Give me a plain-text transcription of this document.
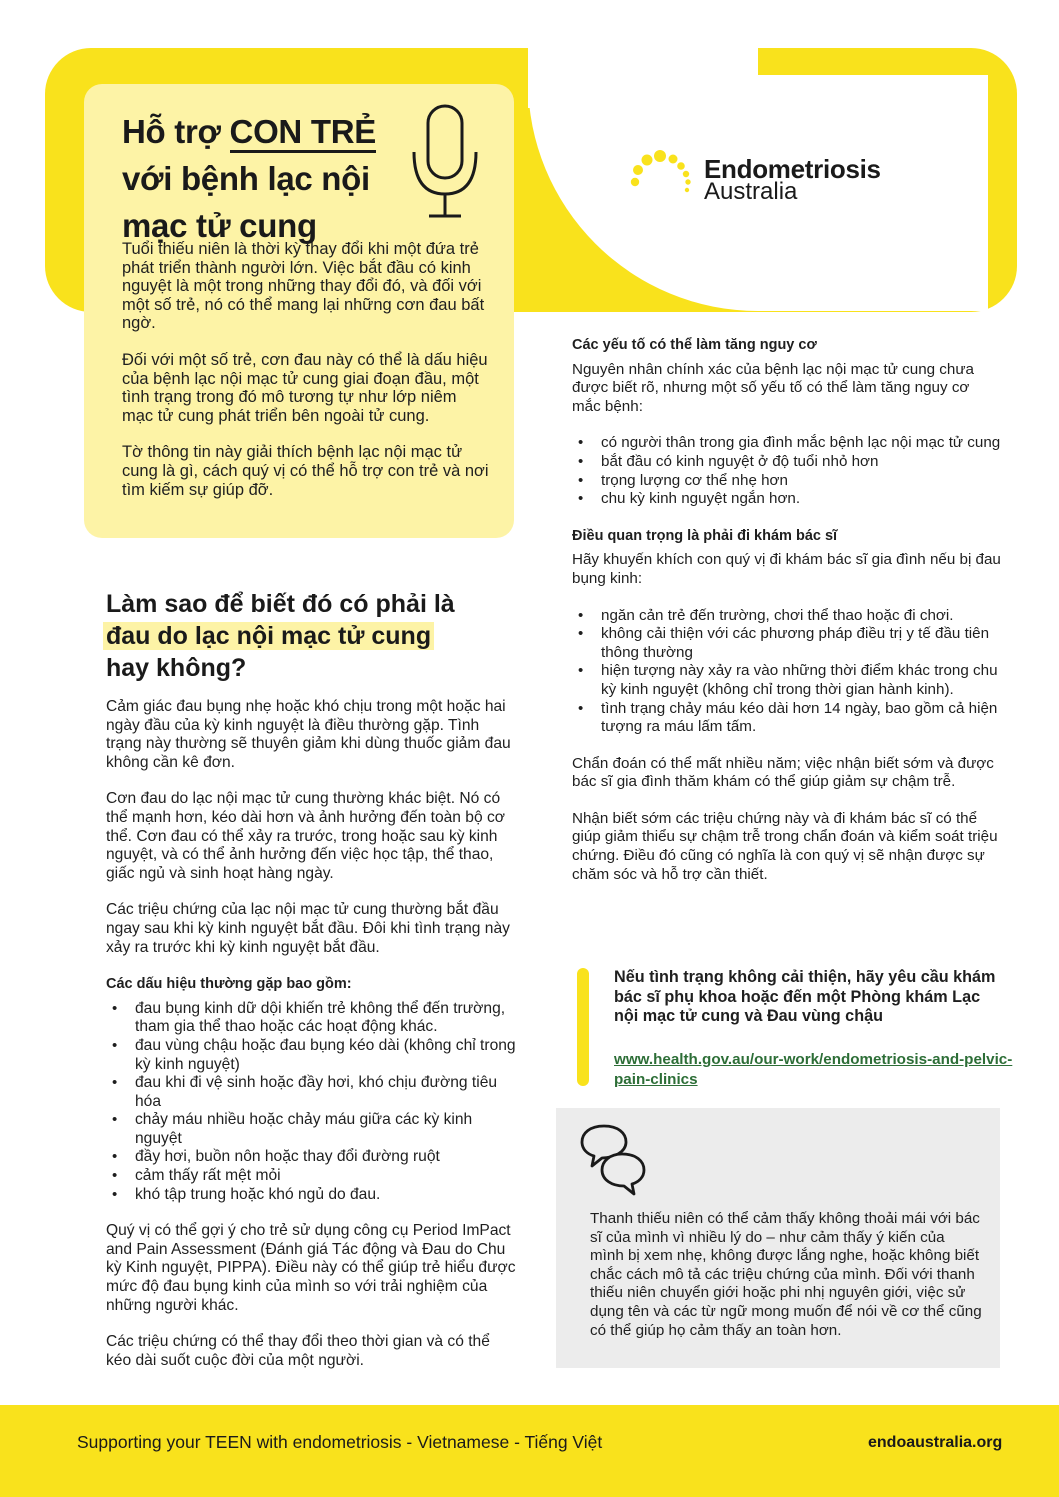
Endometriosis
Australia
Hỗ trợ CON TRẺ
với bệnh lạc nội
mạc tử cung

Tuổi thiếu niên là thời kỳ thay đổi khi một đứa trẻ phát triển thành người lớn. Việc bắt đầu có kinh nguyệt là một trong những thay đổi đó, và đối với một số trẻ, nó có thể mang lại những cơn đau bất ngờ.

Đối với một số trẻ, cơn đau này có thể là dấu hiệu của bệnh lạc nội mạc tử cung giai đoạn đầu, một tình trạng trong đó mô tương tự như lớp niêm mạc tử cung phát triển bên ngoài tử cung.

Tờ thông tin này giải thích bệnh lạc nội mạc tử cung là gì, cách quý vị có thể hỗ trợ con trẻ và nơi tìm kiếm sự giúp đỡ.

Làm sao để biết đó có phải là
đau do lạc nội mạc tử cung
hay không?

Cảm giác đau bụng nhẹ hoặc khó chịu trong một hoặc hai ngày đầu của kỳ kinh nguyệt là điều thường gặp. Tình trạng này thường sẽ thuyên giảm khi dùng thuốc giảm đau không cần kê đơn.

Cơn đau do lạc nội mạc tử cung thường khác biệt. Nó có thể mạnh hơn, kéo dài hơn và ảnh hưởng đến toàn bộ cơ thể. Cơn đau có thể xảy ra trước, trong hoặc sau kỳ kinh nguyệt, và có thể ảnh hưởng đến việc học tập, thể thao, giấc ngủ và sinh hoạt hàng ngày.

Các triệu chứng của lạc nội mạc tử cung thường bắt đầu ngay sau khi kỳ kinh nguyệt bắt đầu. Đôi khi tình trạng này xảy ra trước khi kỳ kinh nguyệt bắt đầu.

Các dấu hiệu thường gặp bao gồm:
• đau bụng kinh dữ dội khiến trẻ không thể đến trường, tham gia thể thao hoặc các hoạt động khác.
• đau vùng chậu hoặc đau bụng kéo dài (không chỉ trong kỳ kinh nguyệt)
• đau khi đi vệ sinh hoặc đầy hơi, khó chịu đường tiêu hóa
• chảy máu nhiều hoặc chảy máu giữa các kỳ kinh nguyệt
• đầy hơi, buồn nôn hoặc thay đổi đường ruột
• cảm thấy rất mệt mỏi
• khó tập trung hoặc khó ngủ do đau.

Quý vị có thể gợi ý cho trẻ sử dụng công cụ Period ImPact and Pain Assessment (Đánh giá Tác động và Đau do Chu kỳ Kinh nguyệt, PIPPA). Điều này có thể giúp trẻ hiểu được mức độ đau bụng kinh của mình so với trải nghiệm của những người khác.

Các triệu chứng có thể thay đổi theo thời gian và có thể kéo dài suốt cuộc đời của một người.

Các yếu tố có thể làm tăng nguy cơ

Nguyên nhân chính xác của bệnh lạc nội mạc tử cung chưa được biết rõ, nhưng một số yếu tố có thể làm tăng nguy cơ mắc bệnh:

• có người thân trong gia đình mắc bệnh lạc nội mạc tử cung
• bắt đầu có kinh nguyệt ở độ tuổi nhỏ hơn
• trọng lượng cơ thể nhẹ hơn
• chu kỳ kinh nguyệt ngắn hơn.
Điều quan trọng là phải đi khám bác sĩ

Hãy khuyến khích con quý vị đi khám bác sĩ gia đình nếu bị đau bụng kinh:

• ngăn cản trẻ đến trường, chơi thể thao hoặc đi chơi.
• không cải thiện với các phương pháp điều trị y tế đầu tiên thông thường
• hiện tượng này xảy ra vào những thời điểm khác trong chu kỳ kinh nguyệt (không chỉ trong thời gian hành kinh).
• tình trạng chảy máu kéo dài hơn 14 ngày, bao gồm cả hiện tượng ra máu lấm tấm.

Chẩn đoán có thể mất nhiều năm; việc nhận biết sớm và được bác sĩ gia đình thăm khám có thể giúp giảm sự chậm trễ.

Nhận biết sớm các triệu chứng này và đi khám bác sĩ có thể giúp giảm thiểu sự chậm trễ trong chẩn đoán và kiểm soát triệu chứng. Điều đó cũng có nghĩa là con quý vị sẽ nhận được sự chăm sóc và hỗ trợ cần thiết.

Nếu tình trạng không cải thiện, hãy yêu cầu khám bác sĩ phụ khoa hoặc đến một Phòng khám Lạc nội mạc tử cung và Đau vùng chậu
www.health.gov.au/our-work/endometriosis-and-pelvic-pain-clinics
Thanh thiếu niên có thể cảm thấy không thoải mái với bác sĩ của mình vì nhiều lý do – như cảm thấy ý kiến của mình bị xem nhẹ, không được lắng nghe, hoặc không biết chắc cách mô tả các triệu chứng của mình. Đối với thanh thiếu niên chuyển giới hoặc phi nhị nguyên giới, việc sử dụng tên và các từ ngữ mong muốn để nói về cơ thể cũng có thể giúp họ cảm thấy an toàn hơn.
Supporting your TEEN with endometriosis - Vietnamese - Tiếng Việt	endoaustralia.org
